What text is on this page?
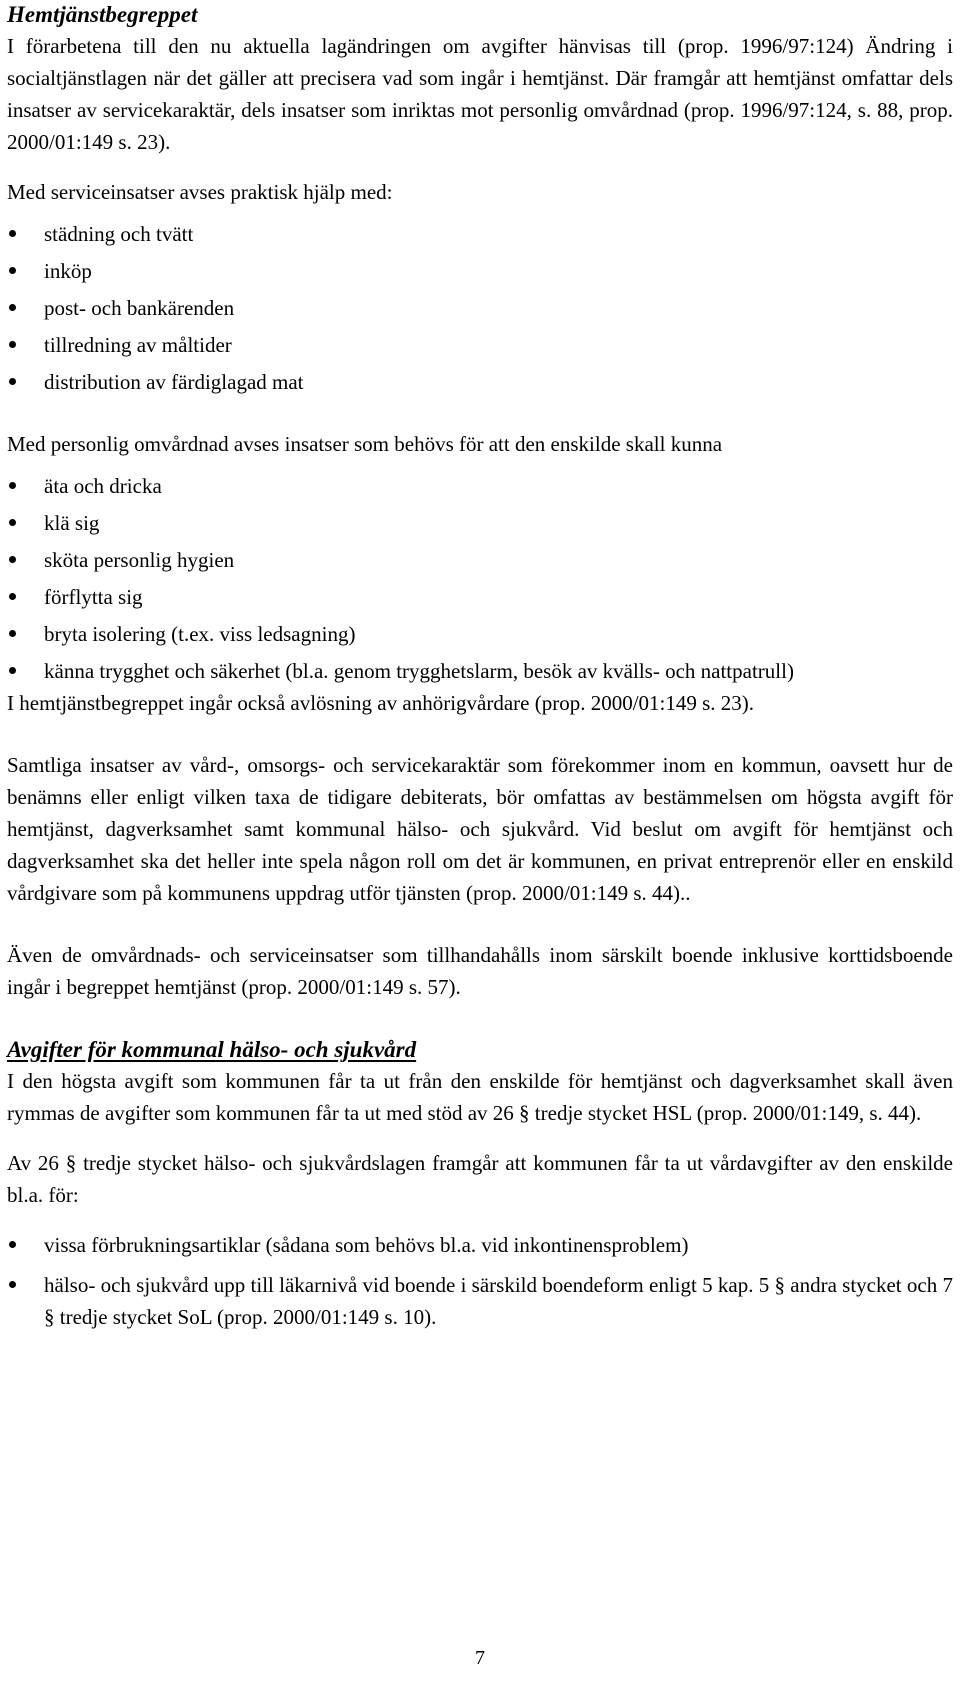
Hemtjänstbegreppet

I förarbetena till den nu aktuella lagändringen om avgifter hänvisas till (prop. 1996/97:124) Ändring i socialtjänstlagen när det gäller att precisera vad som ingår i hemtjänst. Där framgår att hemtjänst omfattar dels insatser av servicekaraktär, dels insatser som inriktas mot personlig omvårdnad (prop. 1996/97:124, s. 88, prop. 2000/01:149 s. 23).

Med serviceinsatser avses praktisk hjälp med:

städning och tvätt
inköp
post- och bankärenden
tillredning av måltider
distribution av färdiglagad mat

Med personlig omvårdnad avses insatser som behövs för att den enskilde skall kunna

äta och dricka
klä sig
sköta personlig hygien
förflytta sig
bryta isolering (t.ex. viss ledsagning)
känna trygghet och säkerhet (bl.a. genom trygghetslarm, besök av kvälls- och nattpatrull)

I hemtjänstbegreppet ingår också avlösning av anhörigvårdare (prop. 2000/01:149 s. 23).

Samtliga insatser av vård-, omsorgs- och servicekaraktär som förekommer inom en kommun, oavsett hur de benämns eller enligt vilken taxa de tidigare debiterats, bör omfattas av bestämmelsen om högsta avgift för hemtjänst, dagverksamhet samt kommunal hälso- och sjukvård. Vid beslut om avgift för hemtjänst och dagverksamhet ska det heller inte spela någon roll om det är kommunen, en privat entreprenör eller en enskild vårdgivare som på kommunens uppdrag utför tjänsten (prop. 2000/01:149 s. 44)..

Även de omvårdnads- och serviceinsatser som tillhandahålls inom särskilt boende inklusive korttidsboende ingår i begreppet hemtjänst (prop. 2000/01:149 s. 57).

Avgifter för kommunal hälso- och sjukvård

I den högsta avgift som kommunen får ta ut från den enskilde för hemtjänst och dagverksamhet skall även rymmas de avgifter som kommunen får ta ut med stöd av 26 § tredje stycket HSL (prop. 2000/01:149, s. 44).

Av 26 § tredje stycket hälso- och sjukvårdslagen framgår att kommunen får ta ut vårdavgifter av den enskilde bl.a. för:

vissa förbrukningsartiklar (sådana som behövs bl.a. vid inkontinensproblem)
hälso- och sjukvård upp till läkarnivå vid boende i särskild boendeform enligt 5 kap. 5 § andra stycket och 7 § tredje stycket SoL (prop. 2000/01:149 s. 10).
7
